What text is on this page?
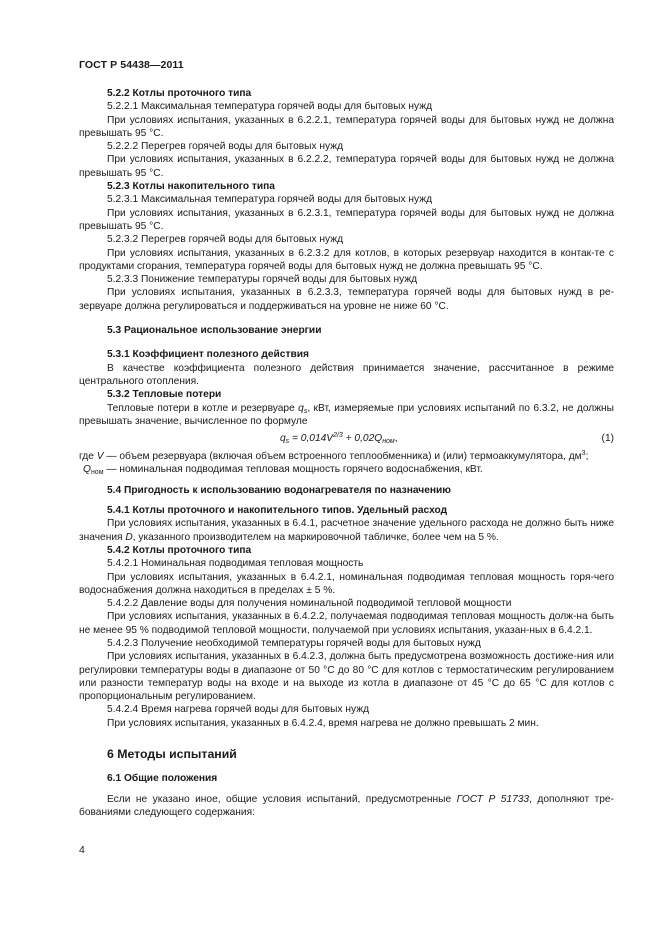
ГОСТ Р 54438—2011

5.2.2 Котлы проточного типа

5.2.2.1 Максимальная температура горячей воды для бытовых нужд

При условиях испытания, указанных в 6.2.2.1, температура горячей воды для бытовых нужд не должна превышать 95 °С.

5.2.2.2 Перегрев горячей воды для бытовых нужд

При условиях испытания, указанных в 6.2.2.2, температура горячей воды для бытовых нужд не должна превышать 95 °С.

5.2.3 Котлы накопительного типа

5.2.3.1 Максимальная температура горячей воды для бытовых нужд

При условиях испытания, указанных в 6.2.3.1, температура горячей воды для бытовых нужд не должна превышать 95 °С.

5.2.3.2 Перегрев горячей воды для бытовых нужд

При условиях испытания, указанных в 6.2.3.2 для котлов, в которых резервуар находится в контак-те с продуктами сгорания, температура горячей воды для бытовых нужд не должна превышать 95 °С.

5.2.3.3 Понижение температуры горячей воды для бытовых нужд

При условиях испытания, указанных в 6.2.3.3, температура горячей воды для бытовых нужд в ре-зервуаре должна регулироваться и поддерживаться на уровне не ниже 60 °С.

5.3 Рациональное использование энергии

5.3.1 Коэффициент полезного действия

В качестве коэффициента полезного действия принимается значение, рассчитанное в режиме центрального отопления.

5.3.2 Тепловые потери

Тепловые потери в котле и резервуаре $q_s$, кВт, измеряемые при условиях испытаний по 6.3.2, не должны превышать значение, вычисленное по формуле

$q_s = 0,014V^{2/3} + 0,02Q_{ном}$,	(1)

где V — объем резервуара (включая объем встроенного теплообменника) и (или) термоаккумулятора, $дм^3$;

$Q_{ном}$ — номинальная подводимая тепловая мощность горячего водоснабжения, кВт.

5.4 Пригодность к использованию водонагревателя по назначению

5.4.1 Котлы проточного и накопительного типов. Удельный расход

При условиях испытания, указанных в 6.4.1, расчетное значение удельного расхода не должно быть ниже значения D, указанного производителем на маркировочной табличке, более чем на 5 %.

5.4.2 Котлы проточного типа

5.4.2.1 Номинальная подводимая тепловая мощность

При условиях испытания, указанных в 6.4.2.1, номинальная подводимая тепловая мощность горя-чего водоснабжения должна находиться в пределах ± 5 %.

5.4.2.2 Давление воды для получения номинальной подводимой тепловой мощности

При условиях испытания, указанных в 6.4.2.2, получаемая подводимая тепловая мощность долж-на быть не менее 95 % подводимой тепловой мощности, получаемой при условиях испытания, указан-ных в 6.4.2.1.

5.4.2.3 Получение необходимой температуры горячей воды для бытовых нужд

При условиях испытания, указанных в 6.4.2.3, должна быть предусмотрена возможность достиже-ния или регулировки температуры воды в диапазоне от 50 °С до 80 °С для котлов с термостатическим регулированием или разности температур воды на входе и на выходе из котла в диапазоне от 45 °С до 65 °С для котлов с пропорциональным регулированием.

5.4.2.4 Время нагрева горячей воды для бытовых нужд

При условиях испытания, указанных в 6.4.2.4, время нагрева не должно превышать 2 мин.

6 Методы испытаний

6.1 Общие положения

Если не указано иное, общие условия испытаний, предусмотренные ГОСТ Р 51733, дополняют тре-бованиями следующего содержания:

4
